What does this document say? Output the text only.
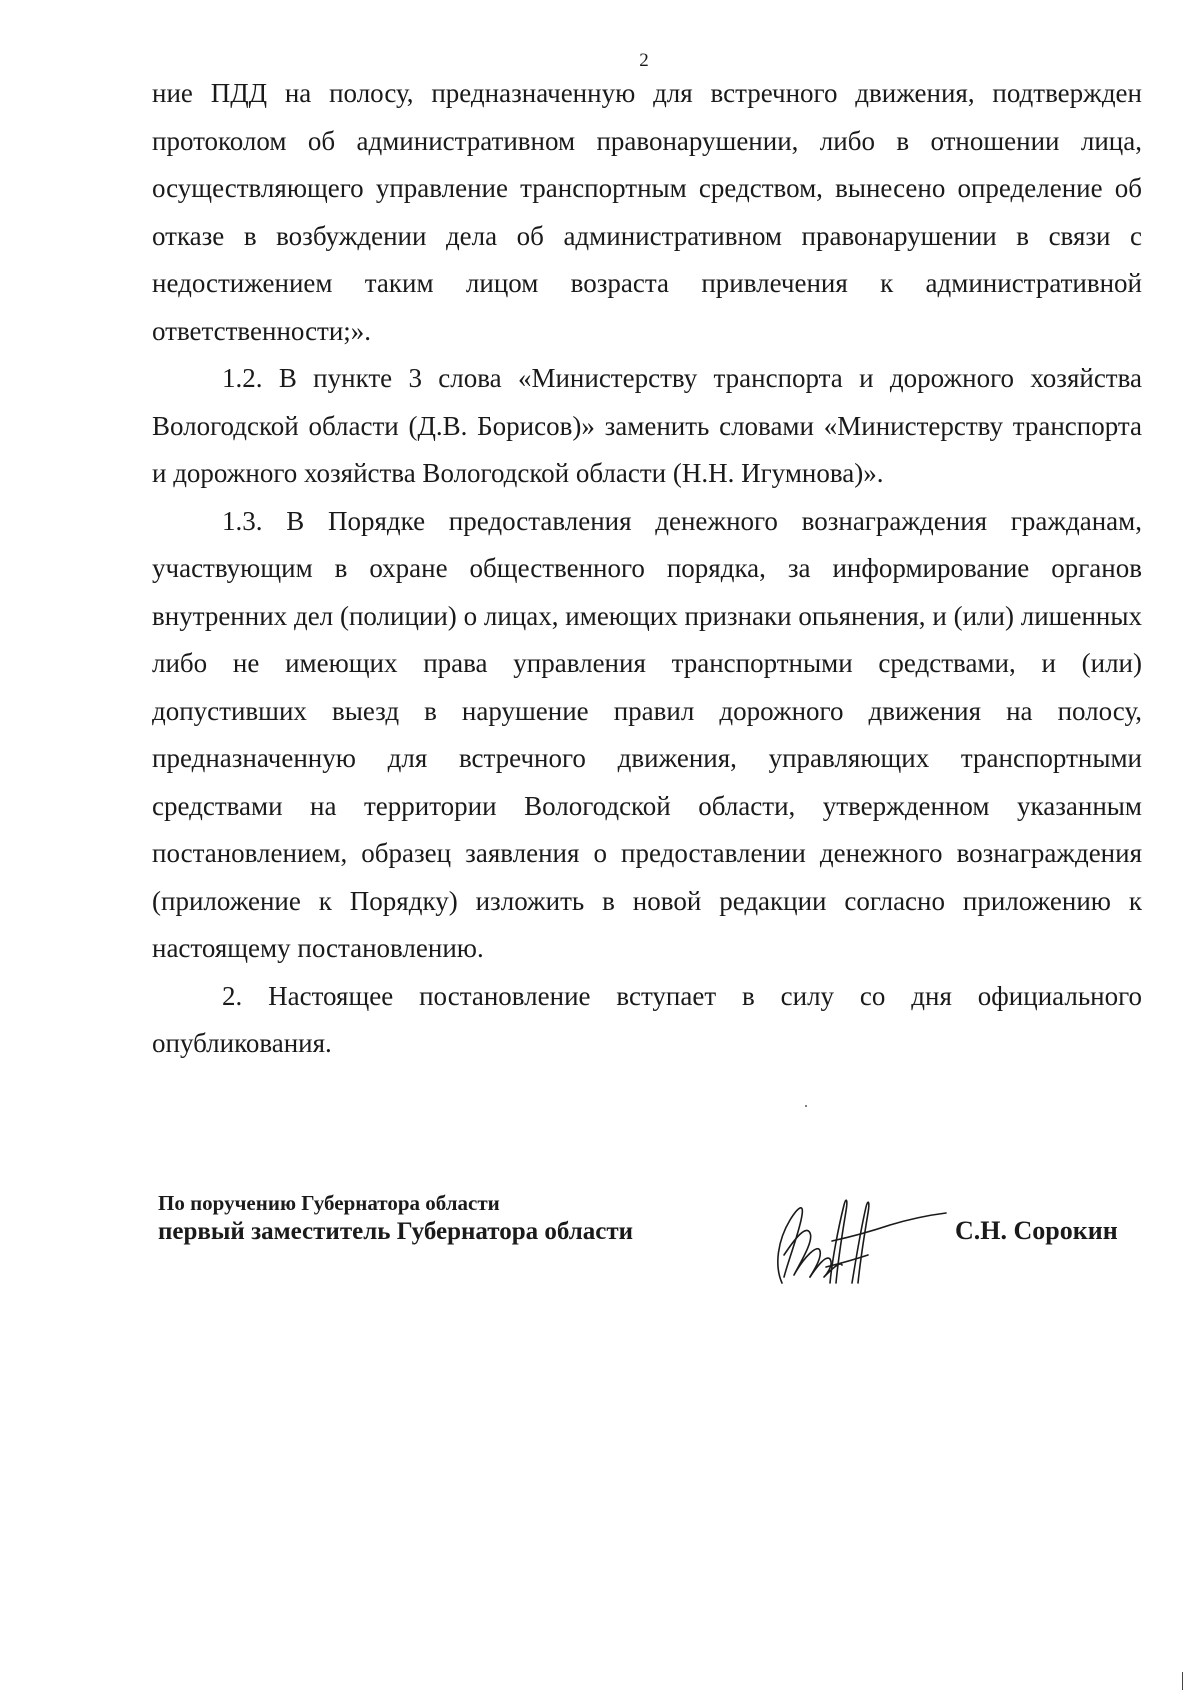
2

ние ПДД на полосу, предназначенную для встречного движения, подтвержден протоколом об административном правонарушении, либо в отношении лица, осуществляющего управление транспортным средством, вынесено определение об отказе в возбуждении дела об административном правонарушении в связи с недостижением таким лицом возраста привлечения к административной ответственности;».

1.2. В пункте 3 слова «Министерству транспорта и дорожного хозяйства Вологодской области (Д.В. Борисов)» заменить словами «Министерству транспорта и дорожного хозяйства Вологодской области (Н.Н. Игумнова)».

1.3. В Порядке предоставления денежного вознаграждения гражданам, участвующим в охране общественного порядка, за информирование органов внутренних дел (полиции) о лицах, имеющих признаки опьянения, и (или) лишенных либо не имеющих права управления транспортными средствами, и (или) допустивших выезд в нарушение правил дорожного движения на полосу, предназначенную для встречного движения, управляющих транспортными средствами на территории Вологодской области, утвержденном указанным постановлением, образец заявления о предоставлении денежного вознаграждения (приложение к Порядку) изложить в новой редакции согласно приложению к настоящему постановлению.

2. Настоящее постановление вступает в силу со дня официального опубликования.

По поручению Губернатора области
первый заместитель Губернатора области	С.Н. Сорокин
